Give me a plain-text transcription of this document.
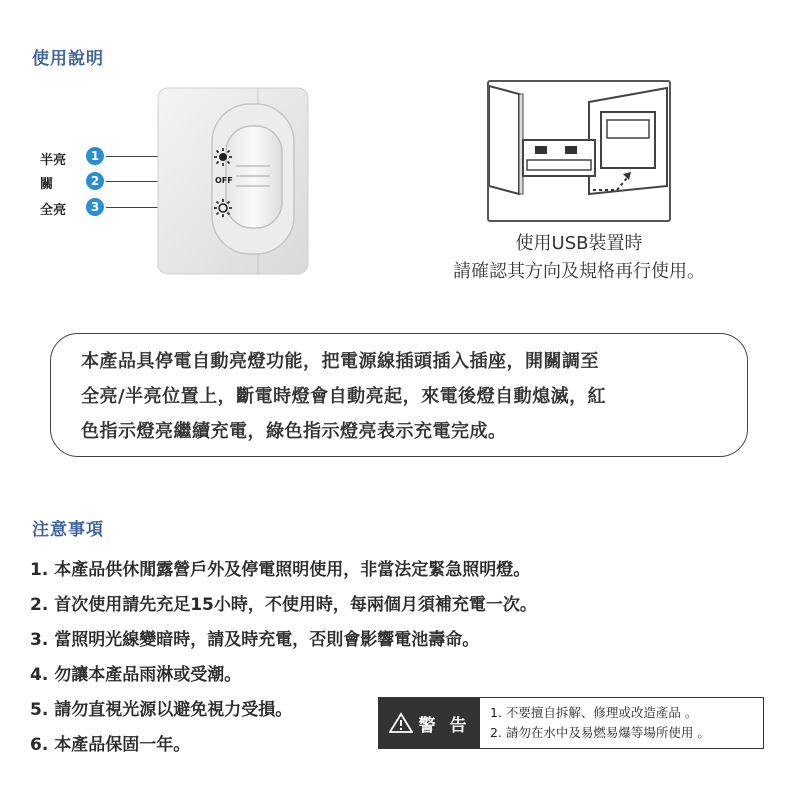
使用說明
半亮	1
關	2
全亮	3
OFF
使用USB裝置時
請確認其方向及規格再行使用。

本產品具停電自動亮燈功能，把電源線插頭插入插座，開關調至

全亮/半亮位置上，斷電時燈會自動亮起，來電後燈自動熄滅，紅

色指示燈亮繼續充電，綠色指示燈亮表示充電完成。

注意事項
1. 本產品供休閒露營戶外及停電照明使用，非當法定緊急照明燈。
2. 首次使用請先充足15小時，不使用時，每兩個月須補充電一次。
3. 當照明光線變暗時，請及時充電，否則會影響電池壽命。
4. 勿讓本產品雨淋或受潮。
5. 請勿直視光源以避免視力受損。
6. 本產品保固一年。
警 告
1. 不要擅自拆解、修理或改造產品 。
2. 請勿在水中及易燃易爆等場所使用 。
